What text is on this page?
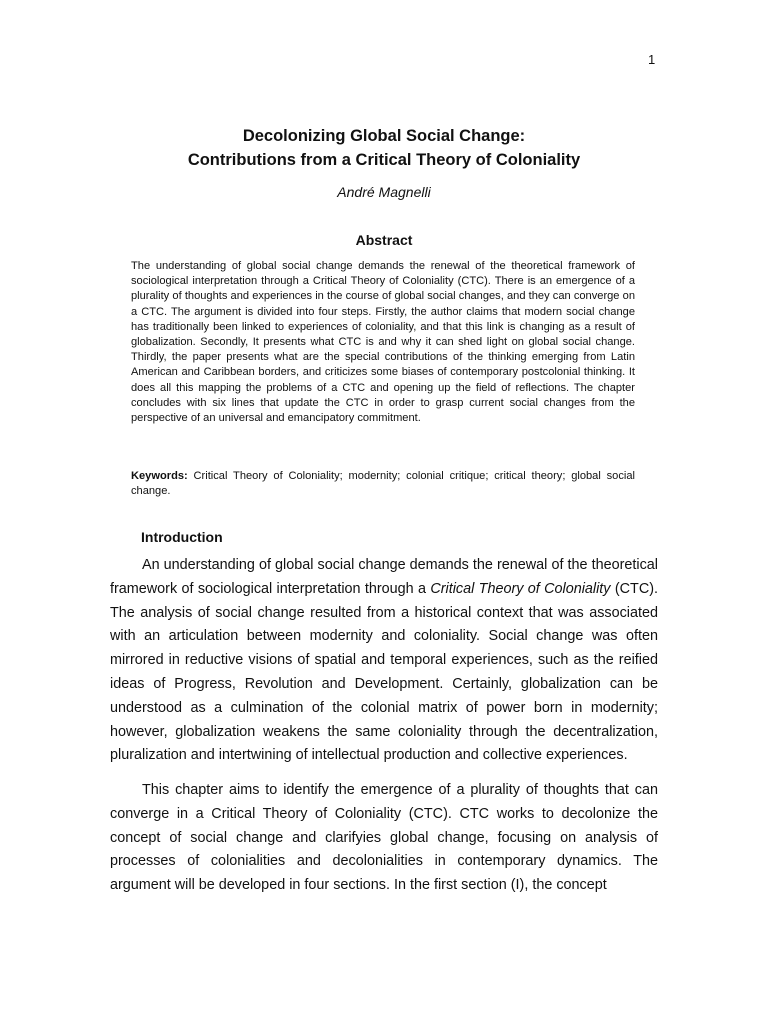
1
Decolonizing Global Social Change:
Contributions from a Critical Theory of Coloniality
André Magnelli
Abstract

The understanding of global social change demands the renewal of the theoretical framework of sociological interpretation through a Critical Theory of Coloniality (CTC). There is an emergence of a plurality of thoughts and experiences in the course of global social changes, and they can converge on a CTC. The argument is divided into four steps. Firstly, the author claims that modern social change has traditionally been linked to experiences of coloniality, and that this link is changing as a result of globalization. Secondly, It presents what CTC is and why it can shed light on global social change. Thirdly, the paper presents what are the special contributions of the thinking emerging from Latin American and Caribbean borders, and criticizes some biases of contemporary postcolonial thinking. It does all this mapping the problems of a CTC and opening up the field of reflections. The chapter concludes with six lines that update the CTC in order to grasp current social changes from the perspective of an universal and emancipatory commitment.

Keywords: Critical Theory of Coloniality; modernity; colonial critique; critical theory; global social change.

Introduction

An understanding of global social change demands the renewal of the theoretical framework of sociological interpretation through a Critical Theory of Coloniality (CTC). The analysis of social change resulted from a historical context that was associated with an articulation between modernity and coloniality. Social change was often mirrored in reductive visions of spatial and temporal experiences, such as the reified ideas of Progress, Revolution and Development. Certainly, globalization can be understood as a culmination of the colonial matrix of power born in modernity; however, globalization weakens the same coloniality through the decentralization, pluralization and intertwining of intellectual production and collective experiences.

This chapter aims to identify the emergence of a plurality of thoughts that can converge in a Critical Theory of Coloniality (CTC). CTC works to decolonize the concept of social change and clarifyies global change, focusing on analysis of processes of colonialities and decolonialities in contemporary dynamics. The argument will be developed in four sections. In the first section (I), the concept
